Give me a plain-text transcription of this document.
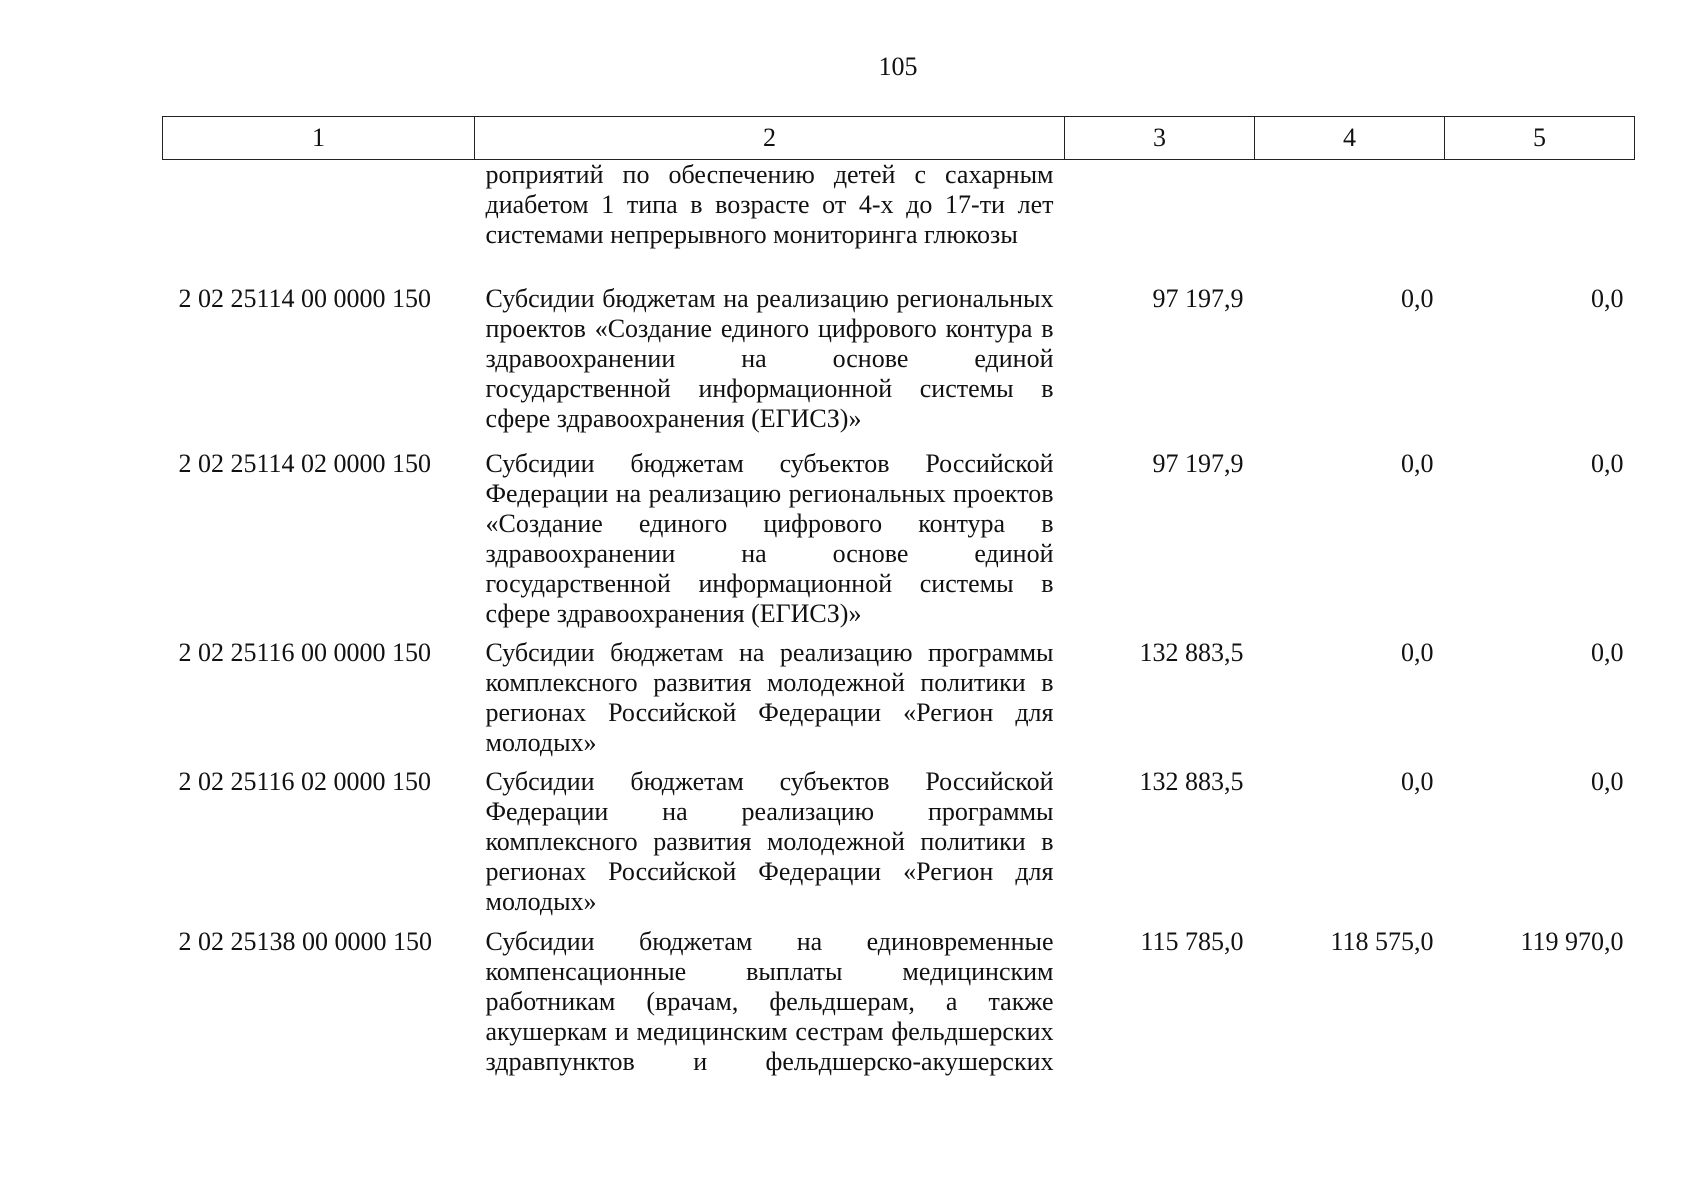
105
1	2	3	4	5
	роприятий по обеспечению детей с сахарным диабетом 1 типа в возрасте от 4-х до 17-ти лет системами непрерывного мониторинга глюкозы			
2 02 25114 00 0000 150	Субсидии бюджетам на реализацию региональных проектов «Создание единого цифрового контура в здравоохранении на основе единой государственной информационной системы в сфере здравоохранения (ЕГИСЗ)»	97 197,9	0,0	0,0
2 02 25114 02 0000 150	Субсидии бюджетам субъектов Российской Федерации на реализацию региональных проектов «Создание единого цифрового контура в здравоохранении на основе единой государственной информационной системы в сфере здравоохранения (ЕГИСЗ)»	97 197,9	0,0	0,0
2 02 25116 00 0000 150	Субсидии бюджетам на реализацию программы комплексного развития молодежной политики в регионах Российской Федерации «Регион для молодых»	132 883,5	0,0	0,0
2 02 25116 02 0000 150	Субсидии бюджетам субъектов Российской Федерации на реализацию программы комплексного развития молодежной политики в регионах Российской Федерации «Регион для молодых»	132 883,5	0,0	0,0
2 02 25138 00 0000 150	Субсидии бюджетам на единовременные компенсационные выплаты медицинским работникам (врачам, фельдшерам, а также акушеркам и медицинским сестрам фельдшерских здравпунктов и фельдшерско-акушерских	115 785,0	118 575,0	119 970,0
